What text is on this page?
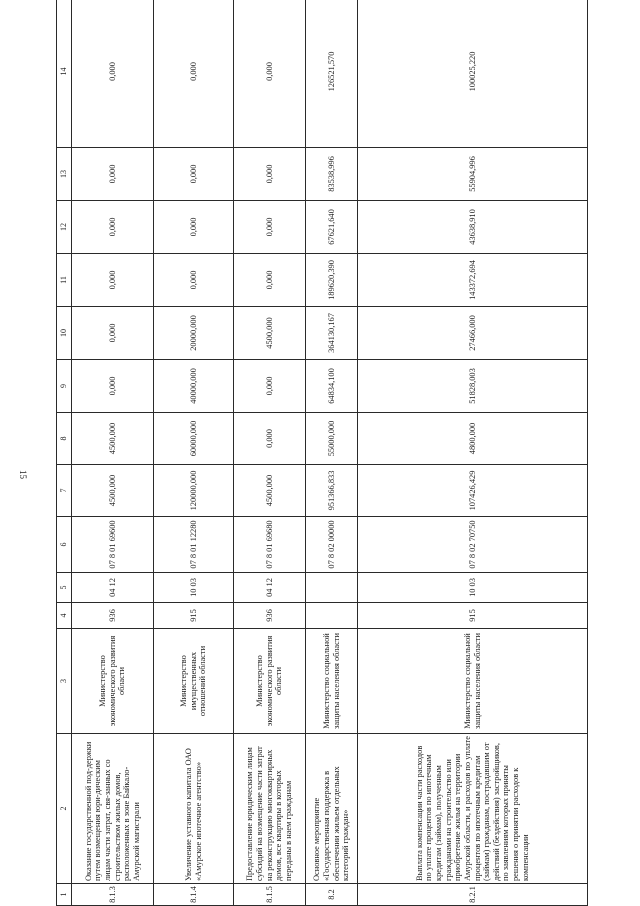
15
1	2	3	4	5	6	7	8	9	10	11	12	13	14
8.1.3	Оказание государственной под-держки путем возмещения юри-дическим лицам части затрат, свя-занных со строительством жилых домов, расположенных в зоне Байкало-Амурской магистрали	Министерство экономического развития области	936	04 12	07 8 01 69600	4500,000	4500,000	0,000	0,000	0,000	0,000	0,000	0,000
8.1.4	Увеличение уставного капитала ОАО «Амурское ипотечное агентство»	Министерство имущественных отношений области	915	10 03	07 8 01 12280	120000,000	60000,000	40000,000	20000,000	0,000	0,000	0,000	0,000
8.1.5	Предоставление юридическим лицам субсидий на возмещение части затрат на реконструкцию многоквартирных домов, все квартиры в которых переданы в наем гражданам	Министерство экономического развития области	936	04 12	07 8 01 69680	4500,000	0,000	0,000	4500,000	0,000	0,000	0,000	0,000
8.2	Основное мероприятие «Государственная поддержка в обеспечении жильем отдельных категорий граждан»	Министерство социальной защиты населения области			07 8 02 00000	951366,833	55000,000	64834,100	364130,167	189620,390	67621,640	83538,996	126521,570
8.2.1	Выплата компенсации части расходов по уплате процентов по ипотечным кредитам (займам), полученным гражданами на строительство или приобретение жилья на территории Амурской области, и расходов по уплате процентов по ипотечным кредитам (займам) гражданам, пострадавшим от действий (бездействия) застройщиков, по заявлениям которых приняты решения о принятии расходов к компенсации	Министерство социальной защиты населения области	915	10 03	07 8 02 70750	107426,429	4800,000	51828,003	27466,000	143372,694	43638,910	55904,996	100025,220
